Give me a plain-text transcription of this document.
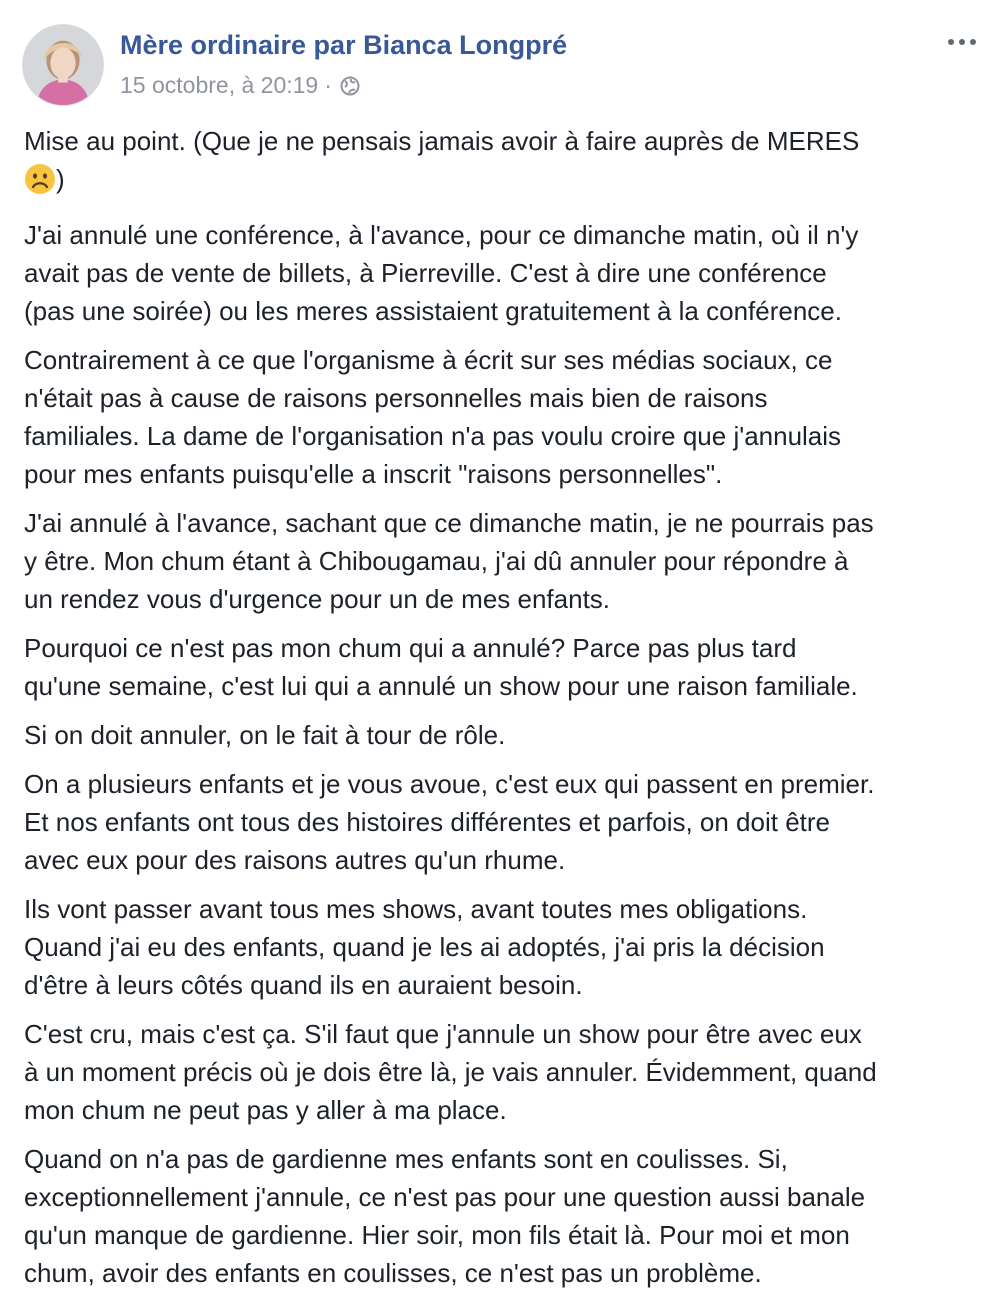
Mère ordinaire par Bianca Longpré
15 octobre, à 20:19 ·

Mise au point. (Que je ne pensais jamais avoir à faire auprès de MERES
)

J'ai annulé une conférence, à l'avance, pour ce dimanche matin, où il n'y
avait pas de vente de billets, à Pierreville. C'est à dire une conférence
(pas une soirée) ou les meres assistaient gratuitement à la conférence.

Contrairement à ce que l'organisme à écrit sur ses médias sociaux, ce
n'était pas à cause de raisons personnelles mais bien de raisons
familiales. La dame de l'organisation n'a pas voulu croire que j'annulais
pour mes enfants puisqu'elle a inscrit "raisons personnelles".

J'ai annulé à l'avance, sachant que ce dimanche matin, je ne pourrais pas
y être. Mon chum étant à Chibougamau, j'ai dû annuler pour répondre à
un rendez vous d'urgence pour un de mes enfants.

Pourquoi ce n'est pas mon chum qui a annulé? Parce pas plus tard
qu'une semaine, c'est lui qui a annulé un show pour une raison familiale.

Si on doit annuler, on le fait à tour de rôle.

On a plusieurs enfants et je vous avoue, c'est eux qui passent en premier.
Et nos enfants ont tous des histoires différentes et parfois, on doit être
avec eux pour des raisons autres qu'un rhume.

Ils vont passer avant tous mes shows, avant toutes mes obligations.
Quand j'ai eu des enfants, quand je les ai adoptés, j'ai pris la décision
d'être à leurs côtés quand ils en auraient besoin.

C'est cru, mais c'est ça. S'il faut que j'annule un show pour être avec eux
à un moment précis où je dois être là, je vais annuler. Évidemment, quand
mon chum ne peut pas y aller à ma place.

Quand on n'a pas de gardienne mes enfants sont en coulisses. Si,
exceptionnellement j'annule, ce n'est pas pour une question aussi banale
qu'un manque de gardienne. Hier soir, mon fils était là. Pour moi et mon
chum, avoir des enfants en coulisses, ce n'est pas un problème.
